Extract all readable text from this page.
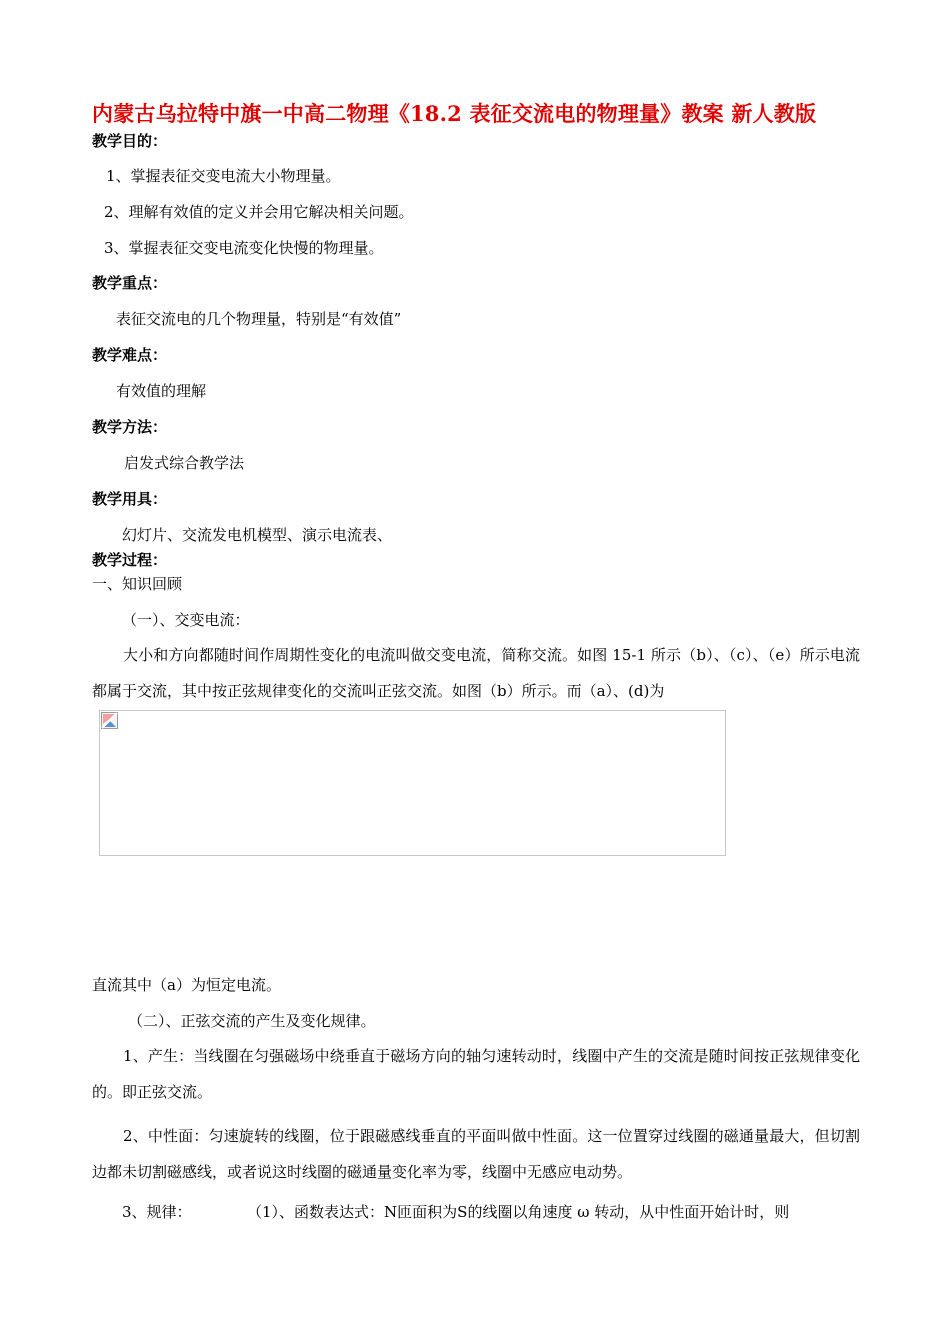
内蒙古乌拉特中旗一中高二物理《18.2 表征交流电的物理量》教案 新人教版
教学目的：
1、掌握表征交变电流大小物理量。
2、理解有效值的定义并会用它解决相关问题。
3、掌握表征交变电流变化快慢的物理量。
教学重点：
表征交流电的几个物理量，特别是“有效值”
教学难点：
有效值的理解
教学方法：
启发式综合教学法
教学用具：
幻灯片、交流发电机模型、演示电流表、
教学过程：
一、知识回顾
（一）、交变电流：
大小和方向都随时间作周期性变化的电流叫做交变电流，简称交流。如图 15-1 所示（b）、（c）、（e）所示电流都属于交流，其中按正弦规律变化的交流叫正弦交流。如图（b）所示。而（a）、(d)为
直流其中（a）为恒定电流。
（二）、正弦交流的产生及变化规律。
1、产生：当线圈在匀强磁场中绕垂直于磁场方向的轴匀速转动时，线圈中产生的交流是随时间按正弦规律变化的。即正弦交流。
2、中性面：匀速旋转的线圈，位于跟磁感线垂直的平面叫做中性面。这一位置穿过线圈的磁通量最大，但切割边都未切割磁感线，或者说这时线圈的磁通量变化率为零，线圈中无感应电动势。
3、规律：	（1）、函数表达式：N匝面积为S的线圈以角速度 ω 转动，从中性面开始计时，则
